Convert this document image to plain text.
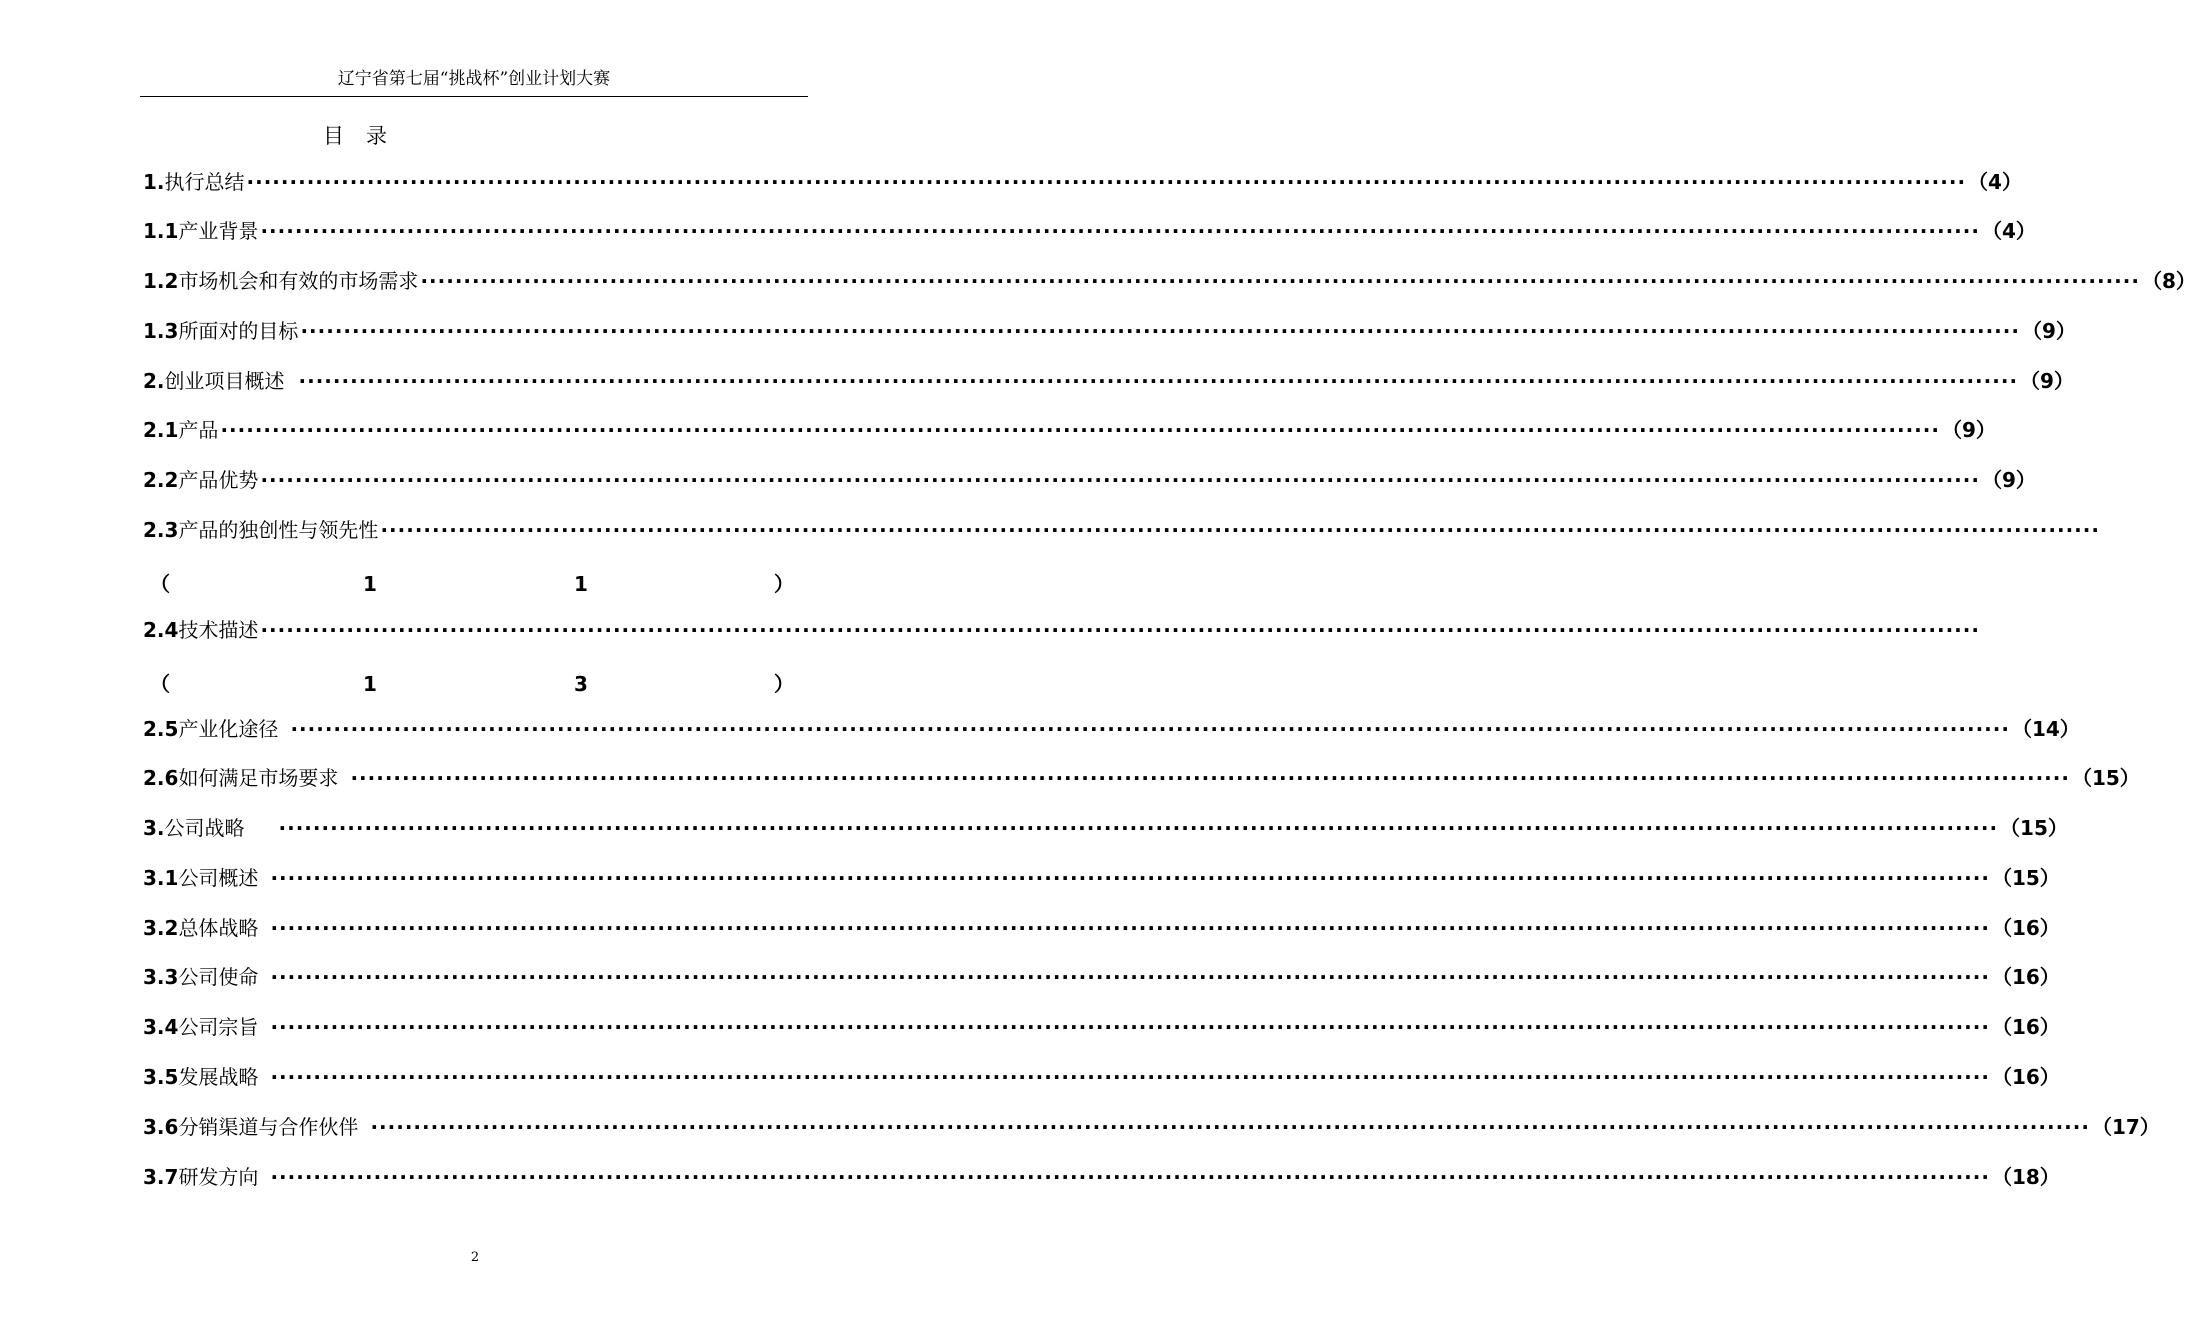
辽宁省第七届“挑战杯”创业计划大赛
目录
1. 执行总结 ········································································································································································································ （4）
1.1 产业背景 ········································································································································································································ （4）
1.2 市场机会和有效的市场需求 ········································································································································································································ （8）
1.3 所面对的目标 ········································································································································································································ （9）
2. 创业项目概述 ········································································································································································································ （9）
2.1 产品 ········································································································································································································ （9）
2.2 产品优势 ········································································································································································································ （9）
2.3 产品的独创性与领先性 ········································································································································································································
（	1	1	）
2.4 技术描述 ········································································································································································································
（	1	3	）
2.5 产业化途径 ········································································································································································································ （14）
2.6 如何满足市场要求 ········································································································································································································ （15）
3. 公司战略 ········································································································································································································ （15）
3.1 公司概述 ········································································································································································································ （15）
3.2 总体战略 ········································································································································································································ （16）
3.3 公司使命 ········································································································································································································ （16）
3.4 公司宗旨 ········································································································································································································ （16）
3.5 发展战略 ········································································································································································································ （16）
3.6 分销渠道与合作伙伴 ········································································································································································································ （17）
3.7 研发方向 ········································································································································································································ （18）
2
